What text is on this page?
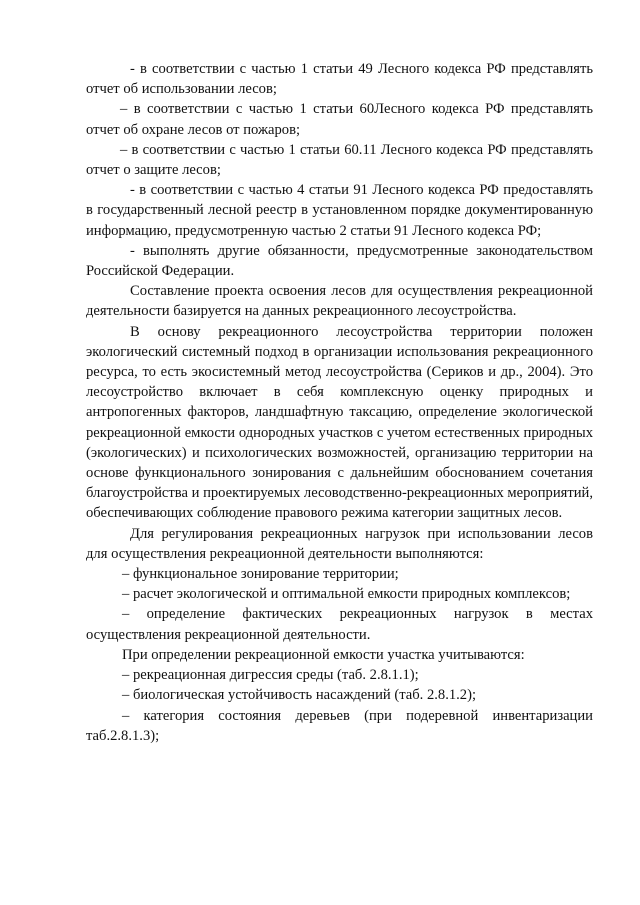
- в соответствии с частью 1 статьи 49 Лесного кодекса РФ представлять отчет об использовании лесов;

– в соответствии с частью 1 статьи 60Лесного кодекса РФ представлять отчет об охране лесов от пожаров;

– в соответствии с частью 1 статьи 60.11 Лесного кодекса РФ представлять отчет о защите лесов;

- в соответствии с частью 4 статьи 91 Лесного кодекса РФ предоставлять в государственный лесной реестр в установленном порядке документированную информацию, предусмотренную частью 2 статьи 91 Лесного кодекса РФ;

- выполнять другие обязанности, предусмотренные законодательством Российской Федерации.

Составление проекта освоения лесов для осуществления рекреационной деятельности базируется на данных рекреационного лесоустройства.

В основу рекреационного лесоустройства территории положен экологический системный подход в организации использования рекреационного ресурса, то есть экосистемный метод лесоустройства (Сериков и др., 2004). Это лесоустройство включает в себя комплексную оценку природных и антропогенных факторов, ландшафтную таксацию, определение экологической рекреационной емкости однородных участков с учетом естественных природных (экологических) и психологических возможностей, организацию территории на основе функционального зонирования с дальнейшим обоснованием сочетания благоустройства и проектируемых лесоводственно-рекреационных мероприятий, обеспечивающих соблюдение правового режима категории защитных лесов.

Для регулирования рекреационных нагрузок при использовании лесов для осуществления рекреационной деятельности выполняются:

– функциональное зонирование территории;

– расчет экологической и оптимальной емкости природных комплексов;

– определение фактических рекреационных нагрузок в местах осуществления рекреационной деятельности.

При определении рекреационной емкости участка учитываются:

– рекреационная дигрессия среды (таб. 2.8.1.1);

– биологическая устойчивость насаждений (таб. 2.8.1.2);

– категория состояния деревьев (при подеревной инвентаризации таб.2.8.1.3);
